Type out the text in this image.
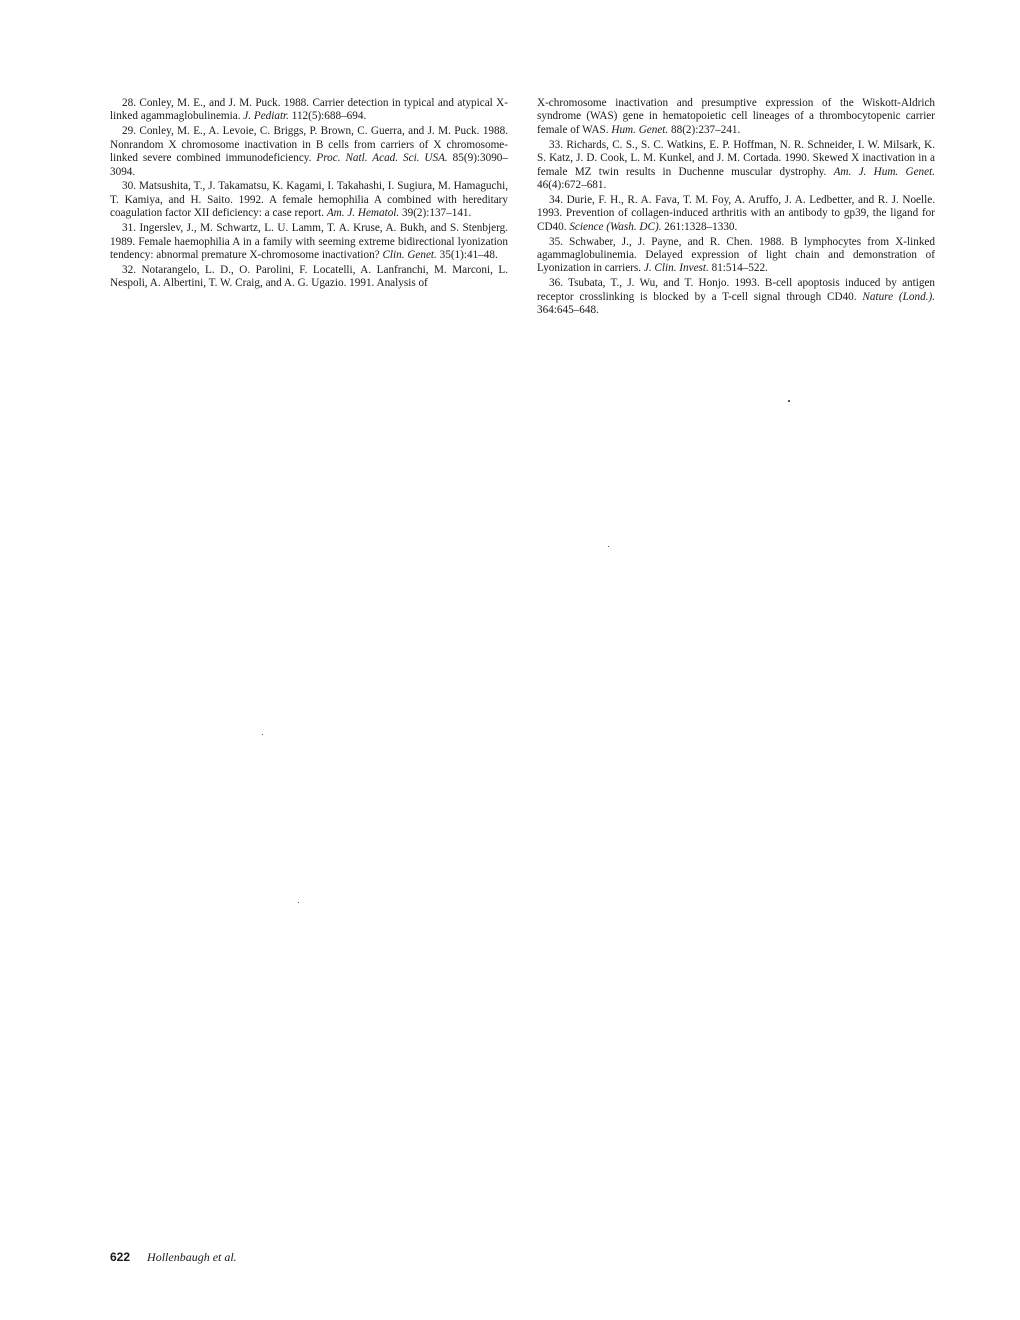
28. Conley, M. E., and J. M. Puck. 1988. Carrier detection in typical and atypical X-linked agammaglobulinemia. J. Pediatr. 112(5):688–694.

29. Conley, M. E., A. Levoie, C. Briggs, P. Brown, C. Guerra, and J. M. Puck. 1988. Nonrandom X chromosome inactivation in B cells from carriers of X chromosome-linked severe combined immunodeficiency. Proc. Natl. Acad. Sci. USA. 85(9):3090–3094.

30. Matsushita, T., J. Takamatsu, K. Kagami, I. Takahashi, I. Sugiura, M. Hamaguchi, T. Kamiya, and H. Saito. 1992. A female hemophilia A combined with hereditary coagulation factor XII deficiency: a case report. Am. J. Hematol. 39(2):137–141.

31. Ingerslev, J., M. Schwartz, L. U. Lamm, T. A. Kruse, A. Bukh, and S. Stenbjerg. 1989. Female haemophilia A in a family with seeming extreme bidirectional lyonization tendency: abnormal premature X-chromosome inactivation? Clin. Genet. 35(1):41–48.

32. Notarangelo, L. D., O. Parolini, F. Locatelli, A. Lanfranchi, M. Marconi, L. Nespoli, A. Albertini, T. W. Craig, and A. G. Ugazio. 1991. Analysis of

X-chromosome inactivation and presumptive expression of the Wiskott-Aldrich syndrome (WAS) gene in hematopoietic cell lineages of a thrombocytopenic carrier female of WAS. Hum. Genet. 88(2):237–241.

33. Richards, C. S., S. C. Watkins, E. P. Hoffman, N. R. Schneider, I. W. Milsark, K. S. Katz, J. D. Cook, L. M. Kunkel, and J. M. Cortada. 1990. Skewed X inactivation in a female MZ twin results in Duchenne muscular dystrophy. Am. J. Hum. Genet. 46(4):672–681.

34. Durie, F. H., R. A. Fava, T. M. Foy, A. Aruffo, J. A. Ledbetter, and R. J. Noelle. 1993. Prevention of collagen-induced arthritis with an antibody to gp39, the ligand for CD40. Science (Wash. DC). 261:1328–1330.

35. Schwaber, J., J. Payne, and R. Chen. 1988. B lymphocytes from X-linked agammaglobulinemia. Delayed expression of light chain and demonstration of Lyonization in carriers. J. Clin. Invest. 81:514–522.

36. Tsubata, T., J. Wu, and T. Honjo. 1993. B-cell apoptosis induced by antigen receptor crosslinking is blocked by a T-cell signal through CD40. Nature (Lond.). 364:645–648.

622 Hollenbaugh et al.
